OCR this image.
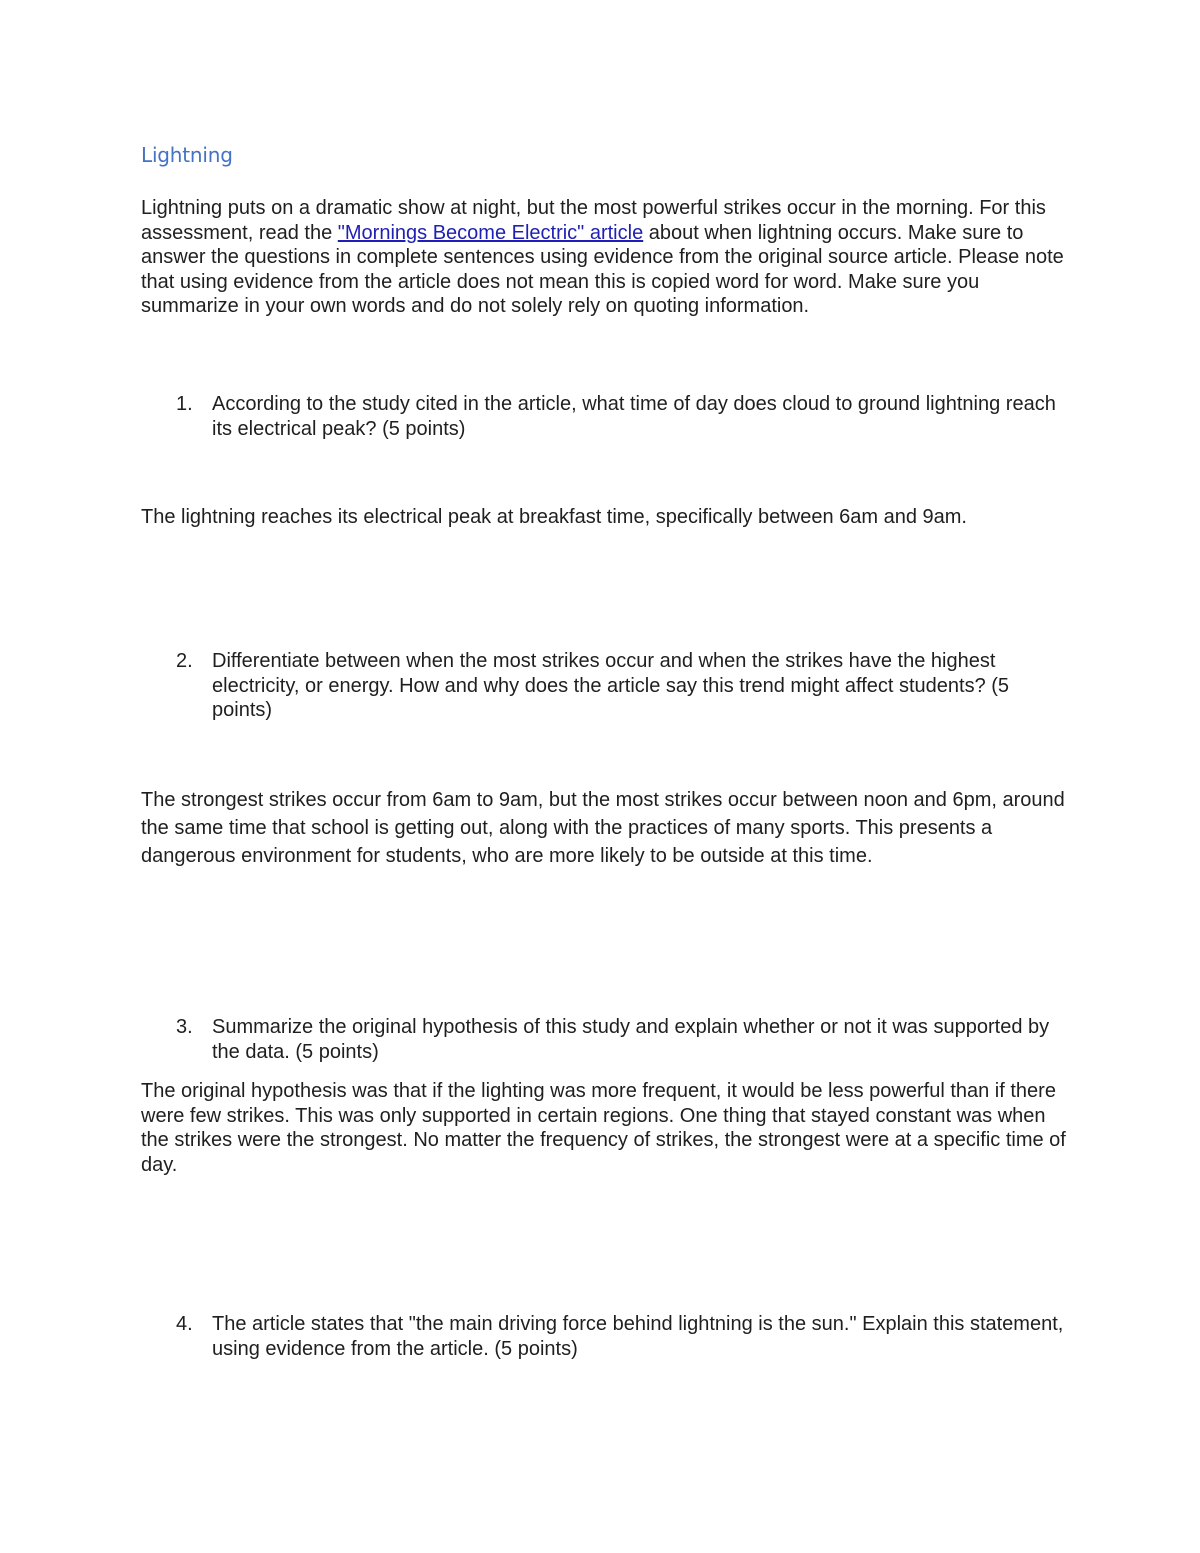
Lightning

Lightning puts on a dramatic show at night, but the most powerful strikes occur in the morning. For this assessment, read the "Mornings Become Electric" article about when lightning occurs. Make sure to answer the questions in complete sentences using evidence from the original source article. Please note that using evidence from the article does not mean this is copied word for word. Make sure you summarize in your own words and do not solely rely on quoting information.

1. According to the study cited in the article, what time of day does cloud to ground lightning reach its electrical peak? (5 points)

The lightning reaches its electrical peak at breakfast time, specifically between 6am and 9am.

2. Differentiate between when the most strikes occur and when the strikes have the highest electricity, or energy. How and why does the article say this trend might affect students? (5 points)

The strongest strikes occur from 6am to 9am, but the most strikes occur between noon and 6pm, around the same time that school is getting out, along with the practices of many sports. This presents a dangerous environment for students, who are more likely to be outside at this time.

3. Summarize the original hypothesis of this study and explain whether or not it was supported by the data. (5 points)

The original hypothesis was that if the lighting was more frequent, it would be less powerful than if there were few strikes. This was only supported in certain regions. One thing that stayed constant was when the strikes were the strongest. No matter the frequency of strikes, the strongest were at a specific time of day.

4. The article states that "the main driving force behind lightning is the sun." Explain this statement, using evidence from the article. (5 points)
